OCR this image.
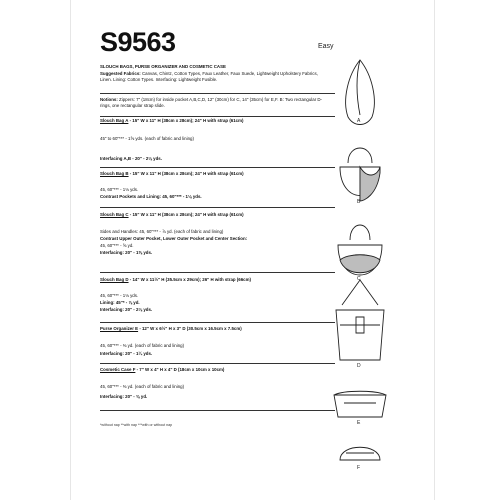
S9563	Easy
SLOUCH BAGS, PURSE ORGANIZER AND COSMETIC CASE
Suggested Fabrics: Canvas, Chintz, Cotton Types, Faux Leather, Faux Suede, Lightweight Upholstery Fabrics, Linen. Lining: Cotton Types. Interfacing: Lightweight Fusible.
Notions: Zippers: 7" (18cm) for inside pocket A,B,C,D, 12" (30cm) for C, 14" (35cm) for E,F. B: Two rectangular D-rings, one rectangular strap slide.
Slouch Bag A - 15" W x 11" H (38cm x 28cm); 24" H with strap (61cm)
45" to 60"*** - 1⅝ yds. (each of fabric and lining)
Interfacing A,B - 20" - 2⅛ yds.
Slouch Bag B - 15" W x 11" H (38cm x 28cm); 24" H with strap (61cm)
45, 60"*** - 1⅛ yds.
Contrast Pockets and Lining: 45, 60"*** - 1⅛ yds.
Slouch Bag C - 15" W x 11" H (38cm x 28cm); 24" H with strap (61cm)
Sides and Handles: 45, 60"*** - ⅞ yd. (each of fabric and lining)
Contrast Upper Outer Pocket, Lower Outer Pocket and Center Section:
45, 60"*** - ⅝ yd.
Interfacing: 20" - 1⅝ yds.
Slouch Bag D - 14" W x 11½" H (35.5cm x 29cm); 26" H with strap (66cm)
45, 60"*** - 1⅛ yds.
Lining: 45"* - ⅞ yd.
Interfacing: 20" - 2⅛ yds.
Purse Organizer E - 12" W x 6½" H x 3" D (30.5cm x 16.5cm x 7.5cm)
45, 60"*** - ⅜ yd. (each of fabric and lining)
Interfacing: 20" - 1¼ yds.
Cosmetic Case F - 7" W x 4" H x 4" D (18cm x 10cm x 10cm)
45, 60"*** - ⅜ yd. (each of fabric and lining)
Interfacing: 20" - ⅜ yd.
*without nap **with nap ***with or without nap
A
B
C
D
E
F
